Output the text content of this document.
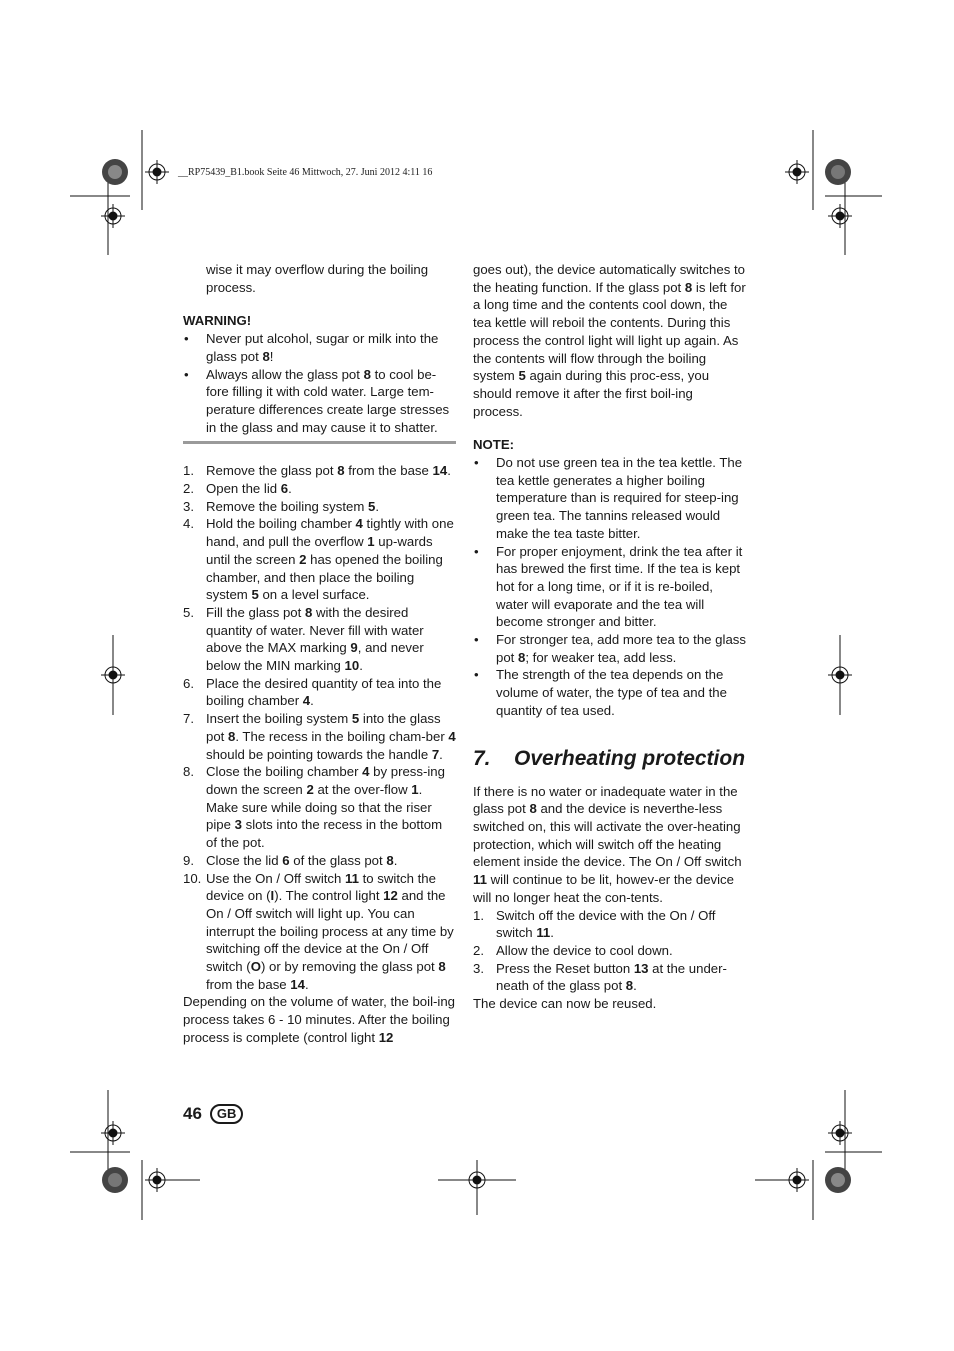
__RP75439_B1.book Seite 46 Mittwoch, 27. Juni 2012 4:11 16

wise it may overflow during the boiling process.

WARNING!

• Never put alcohol, sugar or milk into the glass pot 8!
• Always allow the glass pot 8 to cool be-fore filling it with cold water. Large tem-perature differences create large stresses in the glass and may cause it to shatter.
1. Remove the glass pot 8 from the base 14.
2. Open the lid 6.
3. Remove the boiling system 5.
4. Hold the boiling chamber 4 tightly with one hand, and pull the overflow 1 up-wards until the screen 2 has opened the boiling chamber, and then place the boiling system 5 on a level surface.
5. Fill the glass pot 8 with the desired quantity of water. Never fill with water above the MAX marking 9, and never below the MIN marking 10.
6. Place the desired quantity of tea into the boiling chamber 4.
7. Insert the boiling system 5 into the glass pot 8. The recess in the boiling cham-ber 4 should be pointing towards the handle 7.
8. Close the boiling chamber 4 by press-ing down the screen 2 at the over-flow 1. Make sure while doing so that the riser pipe 3 slots into the recess in the bottom of the pot.
9. Close the lid 6 of the glass pot 8.
10. Use the On / Off switch 11 to switch the device on (I). The control light 12 and the On / Off switch will light up. You can interrupt the boiling process at any time by switching off the device at the On / Off switch (O) or by removing the glass pot 8 from the base 14.

Depending on the volume of water, the boil-ing process takes 6 - 10 minutes. After the boiling process is complete (control light 12

goes out), the device automatically switches to the heating function. If the glass pot 8 is left for a long time and the contents cool down, the tea kettle will reboil the contents. During this process the control light will light up again. As the contents will flow through the boiling system 5 again during this proc-ess, you should remove it after the first boil-ing process.

NOTE:

• Do not use green tea in the tea kettle. The tea kettle generates a higher boiling temperature than is required for steep-ing green tea. The tannins released would make the tea taste bitter.
• For proper enjoyment, drink the tea after it has brewed the first time. If the tea is kept hot for a long time, or if it is re-boiled, water will evaporate and the tea will become stronger and bitter.
• For stronger tea, add more tea to the glass pot 8; for weaker tea, add less.
• The strength of the tea depends on the volume of water, the type of tea and the quantity of tea used.
7. Overheating protection

If there is no water or inadequate water in the glass pot 8 and the device is neverthe-less switched on, this will activate the over-heating protection, which will switch off the heating element inside the device. The On / Off switch 11 will continue to be lit, howev-er the device will no longer heat the con-tents.

1. Switch off the device with the On / Off switch 11.
2. Allow the device to cool down.
3. Press the Reset button 13 at the under-neath of the glass pot 8.

The device can now be reused.

46	GB
